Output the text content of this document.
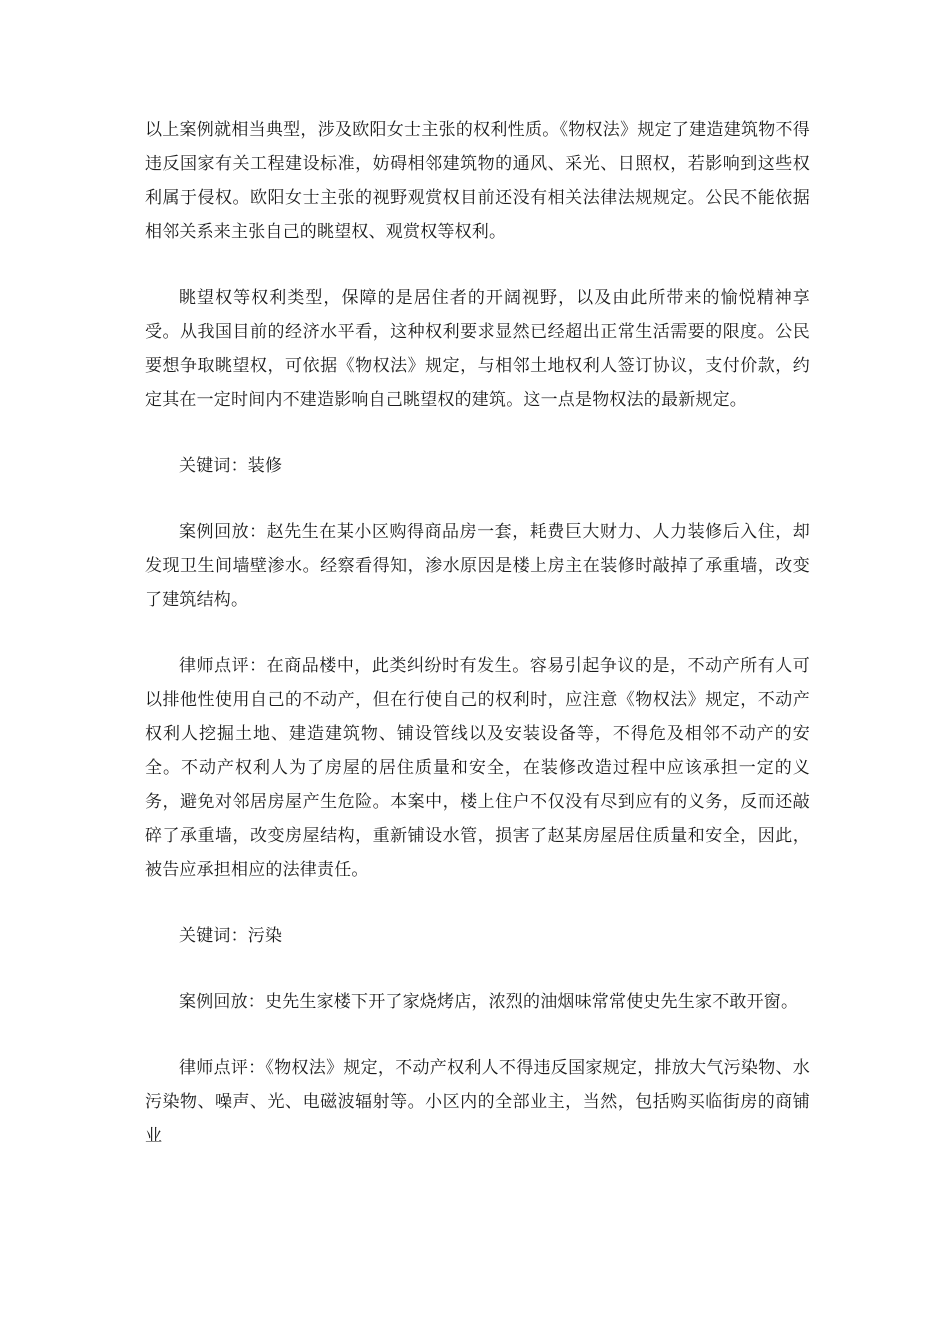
以上案例就相当典型，涉及欧阳女士主张的权利性质。《物权法》规定了建造建筑物不得违反国家有关工程建设标准，妨碍相邻建筑物的通风、采光、日照权，若影响到这些权利属于侵权。欧阳女士主张的视野观赏权目前还没有相关法律法规规定。公民不能依据相邻关系来主张自己的眺望权、观赏权等权利。

眺望权等权利类型，保障的是居住者的开阔视野，以及由此所带来的愉悦精神享受。从我国目前的经济水平看，这种权利要求显然已经超出正常生活需要的限度。公民要想争取眺望权，可依据《物权法》规定，与相邻土地权利人签订协议，支付价款，约定其在一定时间内不建造影响自己眺望权的建筑。这一点是物权法的最新规定。

关键词：装修

案例回放：赵先生在某小区购得商品房一套，耗费巨大财力、人力装修后入住，却发现卫生间墙壁渗水。经察看得知，渗水原因是楼上房主在装修时敲掉了承重墙，改变了建筑结构。

律师点评：在商品楼中，此类纠纷时有发生。容易引起争议的是，不动产所有人可以排他性使用自己的不动产，但在行使自己的权利时，应注意《物权法》规定，不动产权利人挖掘土地、建造建筑物、铺设管线以及安装设备等，不得危及相邻不动产的安全。不动产权利人为了房屋的居住质量和安全，在装修改造过程中应该承担一定的义务，避免对邻居房屋产生危险。本案中，楼上住户不仅没有尽到应有的义务，反而还敲碎了承重墙，改变房屋结构，重新铺设水管，损害了赵某房屋居住质量和安全，因此，被告应承担相应的法律责任。

关键词：污染

案例回放：史先生家楼下开了家烧烤店，浓烈的油烟味常常使史先生家不敢开窗。

律师点评：《物权法》规定，不动产权利人不得违反国家规定，排放大气污染物、水污染物、噪声、光、电磁波辐射等。小区内的全部业主，当然，包括购买临街房的商铺业
